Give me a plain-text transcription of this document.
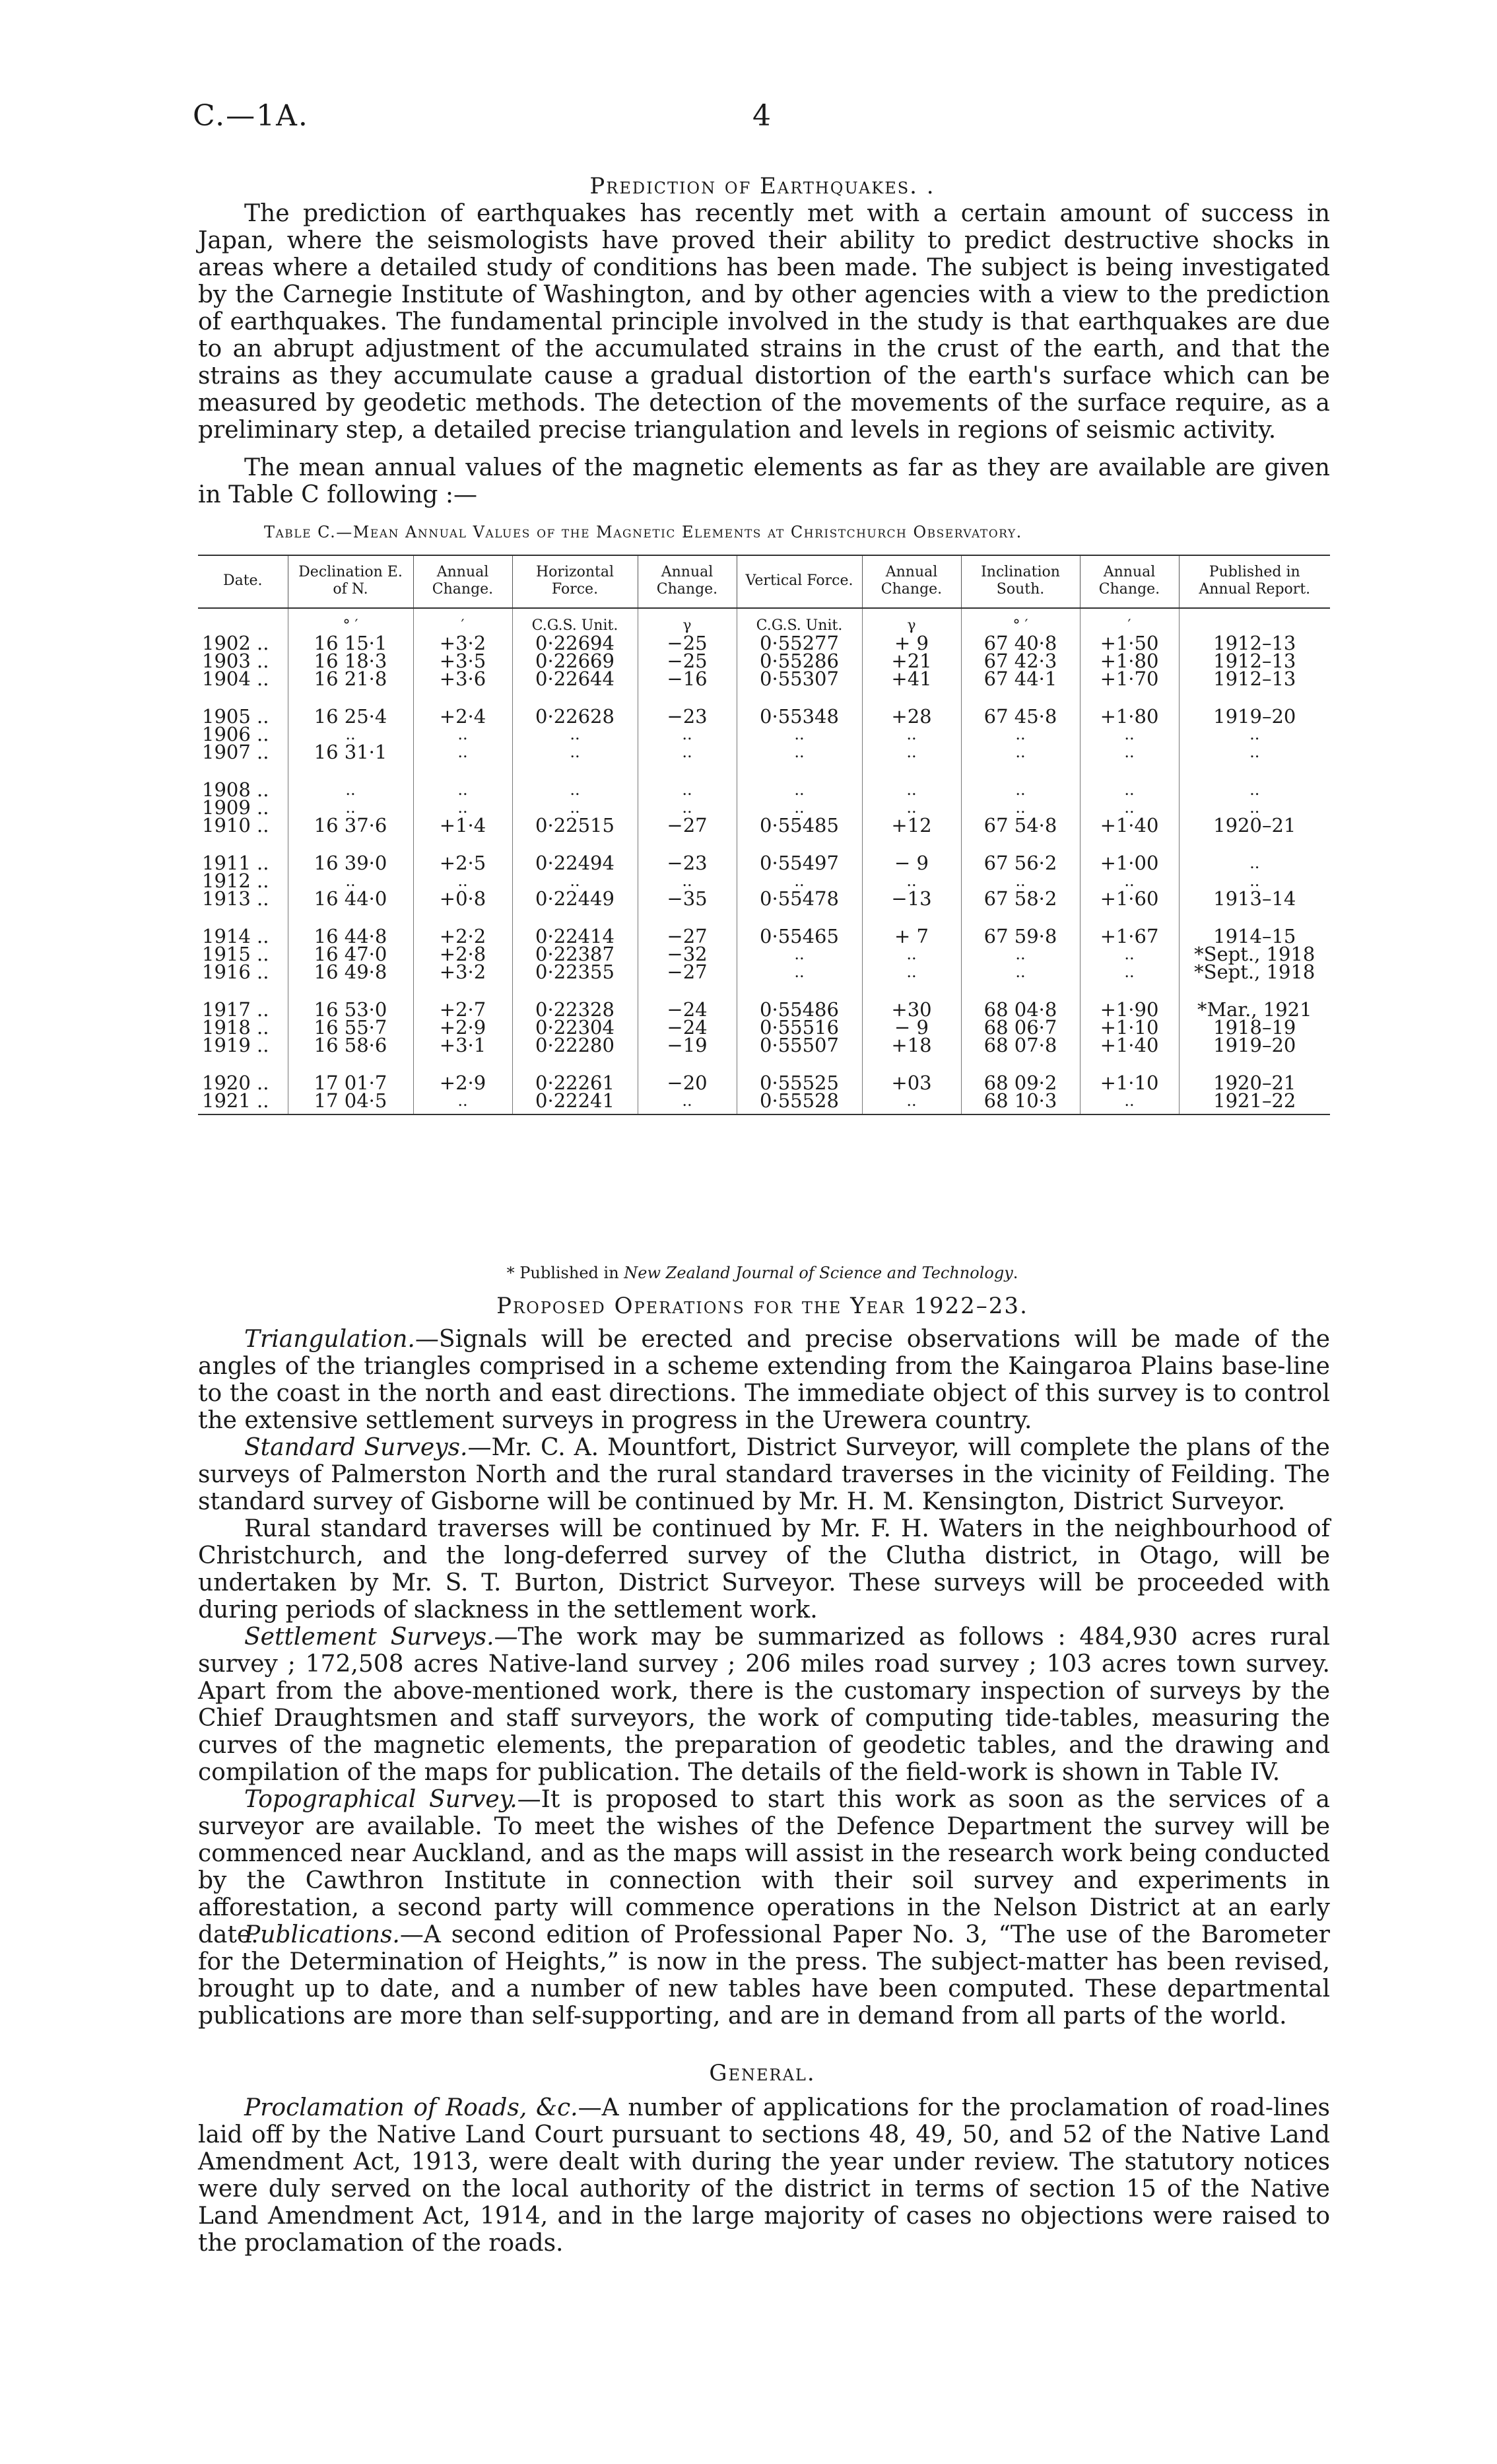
C.—1A.	4
Prediction of Earthquakes. .

The prediction of earthquakes has recently met with a certain amount of success in Japan, where the seismologists have proved their ability to predict destructive shocks in areas where a detailed study of conditions has been made. The subject is being investigated by the Carnegie Institute of Washington, and by other agencies with a view to the prediction of earthquakes. The fundamental principle involved in the study is that earthquakes are due to an abrupt adjustment of the accumulated strains in the crust of the earth, and that the strains as they accumulate cause a gradual distortion of the earth's surface which can be measured by geodetic methods. The detection of the movements of the surface require, as a preliminary step, a detailed precise triangulation and levels in regions of seismic activity.

The mean annual values of the magnetic elements as far as they are available are given in Table C following :—

Table C.—Mean Annual Values of the Magnetic Elements at Christchurch Observatory.
Date.	Declination E. of N.	Annual Change.	Horizontal Force.	Annual Change.	Vertical Force.	Annual Change.	Inclination South.	Annual Change.	Published in Annual Report.
	° ′	′	C.G.S. Unit.	γ	C.G.S. Unit.	γ	° ′	′	
1902 ..	16 15·1	+3·2	0·22694	−25	0·55277	+ 9	67 40·8	+1·50	1912–13
1903 ..	16 18·3	+3·5	0·22669	−25	0·55286	+21	67 42·3	+1·80	1912–13
1904 ..	16 21·8	+3·6	0·22644	−16	0·55307	+41	67 44·1	+1·70	1912–13

1905 ..	16 25·4	+2·4	0·22628	−23	0·55348	+28	67 45·8	+1·80	1919–20
1906 ..	..	..	..	..	..	..	..	..	..
1907 ..	16 31·1	..	..	..	..	..	..	..	..

1908 ..	..	..	..	..	..	..	..	..	..
1909 ..	..	..	..	..	..	..	..	..	..
1910 ..	16 37·6	+1·4	0·22515	−27	0·55485	+12	67 54·8	+1·40	1920–21

1911 ..	16 39·0	+2·5	0·22494	−23	0·55497	− 9	67 56·2	+1·00	..
1912 ..	..	..	..	..	..	..	..	..	..
1913 ..	16 44·0	+0·8	0·22449	−35	0·55478	−13	67 58·2	+1·60	1913–14

1914 ..	16 44·8	+2·2	0·22414	−27	0·55465	+ 7	67 59·8	+1·67	1914–15
1915 ..	16 47·0	+2·8	0·22387	−32	..	..	..	..	*Sept., 1918
1916 ..	16 49·8	+3·2	0·22355	−27	..	..	..	..	*Sept., 1918

1917 ..	16 53·0	+2·7	0·22328	−24	0·55486	+30	68 04·8	+1·90	*Mar., 1921
1918 ..	16 55·7	+2·9	0·22304	−24	0·55516	− 9	68 06·7	+1·10	1918–19
1919 ..	16 58·6	+3·1	0·22280	−19	0·55507	+18	68 07·8	+1·40	1919–20

1920 ..	17 01·7	+2·9	0·22261	−20	0·55525	+03	68 09·2	+1·10	1920–21
1921 ..	17 04·5	..	0·22241	..	0·55528	..	68 10·3	..	1921–22
* Published in New Zealand Journal of Science and Technology.
Proposed Operations for the Year 1922–23.

Triangulation.—Signals will be erected and precise observations will be made of the angles of the triangles comprised in a scheme extending from the Kaingaroa Plains base-line to the coast in the north and east directions. The immediate object of this survey is to control the extensive settlement surveys in progress in the Urewera country.

Standard Surveys.—Mr. C. A. Mountfort, District Surveyor, will complete the plans of the surveys of Palmerston North and the rural standard traverses in the vicinity of Feilding. The standard survey of Gisborne will be continued by Mr. H. M. Kensington, District Surveyor.

Rural standard traverses will be continued by Mr. F. H. Waters in the neighbourhood of Christchurch, and the long-deferred survey of the Clutha district, in Otago, will be undertaken by Mr. S. T. Burton, District Surveyor. These surveys will be proceeded with during periods of slackness in the settlement work.

Settlement Surveys.—The work may be summarized as follows : 484,930 acres rural survey ; 172,508 acres Native-land survey ; 206 miles road survey ; 103 acres town survey. Apart from the above-mentioned work, there is the customary inspection of surveys by the Chief Draughtsmen and staff surveyors, the work of computing tide-tables, measuring the curves of the magnetic elements, the preparation of geodetic tables, and the drawing and compilation of the maps for publication. The details of the field-work is shown in Table IV.

Topographical Survey.—It is proposed to start this work as soon as the services of a surveyor are available. To meet the wishes of the Defence Department the survey will be commenced near Auckland, and as the maps will assist in the research work being conducted by the Cawthron Institute in connection with their soil survey and experiments in afforestation, a second party will commence operations in the Nelson District at an early date.

Publications.—A second edition of Professional Paper No. 3, “The use of the Barometer for the Determination of Heights,” is now in the press. The subject-matter has been revised, brought up to date, and a number of new tables have been computed. These departmental publications are more than self-supporting, and are in demand from all parts of the world.

General.

Proclamation of Roads, &c.—A number of applications for the proclamation of road-lines laid off by the Native Land Court pursuant to sections 48, 49, 50, and 52 of the Native Land Amendment Act, 1913, were dealt with during the year under review. The statutory notices were duly served on the local authority of the district in terms of section 15 of the Native Land Amendment Act, 1914, and in the large majority of cases no objections were raised to the proclamation of the roads.
